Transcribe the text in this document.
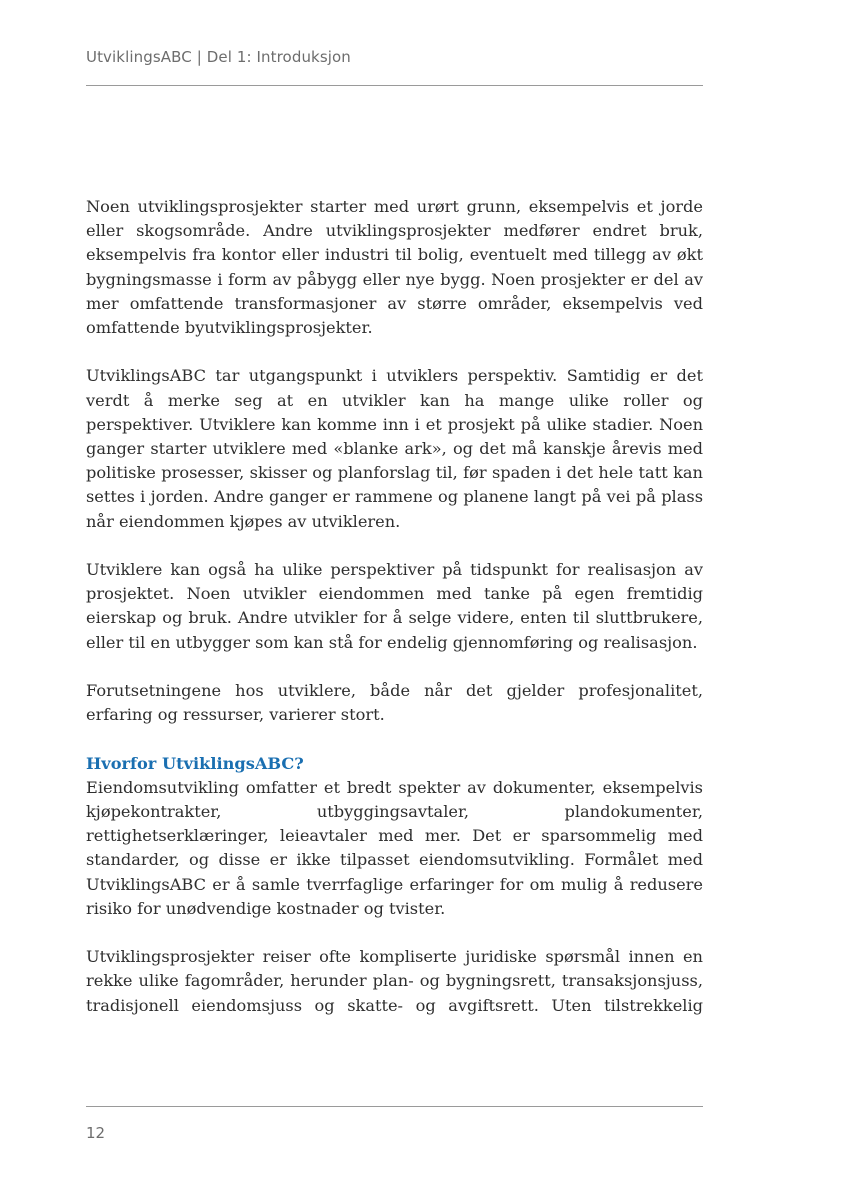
UtviklingsABC | Del 1: Introduksjon

Noen utviklingsprosjekter starter med urørt grunn, eksempelvis et jorde eller skogsområde. Andre utviklingsprosjekter medfører endret bruk, eksempelvis fra kontor eller industri til bolig, eventuelt med tillegg av økt bygningsmasse i form av påbygg eller nye bygg. Noen prosjekter er del av mer omfattende transformasjoner av større områder, eksempelvis ved omfattende byutviklingsprosjekter.

UtviklingsABC tar utgangspunkt i utviklers perspektiv. Samtidig er det verdt å merke seg at en utvikler kan ha mange ulike roller og perspektiver. Utviklere kan komme inn i et prosjekt på ulike stadier. Noen ganger starter utviklere med «blanke ark», og det må kanskje årevis med politiske prosesser, skisser og planforslag til, før spaden i det hele tatt kan settes i jorden. Andre ganger er rammene og planene langt på vei på plass når eiendommen kjøpes av utvikleren.

Utviklere kan også ha ulike perspektiver på tidspunkt for realisasjon av prosjektet. Noen utvikler eiendommen med tanke på egen fremtidig eierskap og bruk. Andre utvikler for å selge videre, enten til sluttbrukere, eller til en utbygger som kan stå for endelig gjennomføring og realisasjon.

Forutsetningene hos utviklere, både når det gjelder profesjonalitet, erfaring og ressurser, varierer stort.

Hvorfor UtviklingsABC?

Eiendomsutvikling omfatter et bredt spekter av dokumenter, eksempelvis kjøpekontrakter, utbyggingsavtaler, plandokumenter, rettighetserklæringer, leieavtaler med mer. Det er sparsommelig med standarder, og disse er ikke tilpasset eiendomsutvikling. Formålet med UtviklingsABC er å samle tverrfaglige erfaringer for om mulig å redusere risiko for unødvendige kostnader og tvister.

Utviklingsprosjekter reiser ofte kompliserte juridiske spørsmål innen en rekke ulike fagområder, herunder plan- og bygningsrett, transaksjonsjuss, tradisjonell eiendomsjuss og skatte- og avgiftsrett. Uten tilstrekkelig

12
